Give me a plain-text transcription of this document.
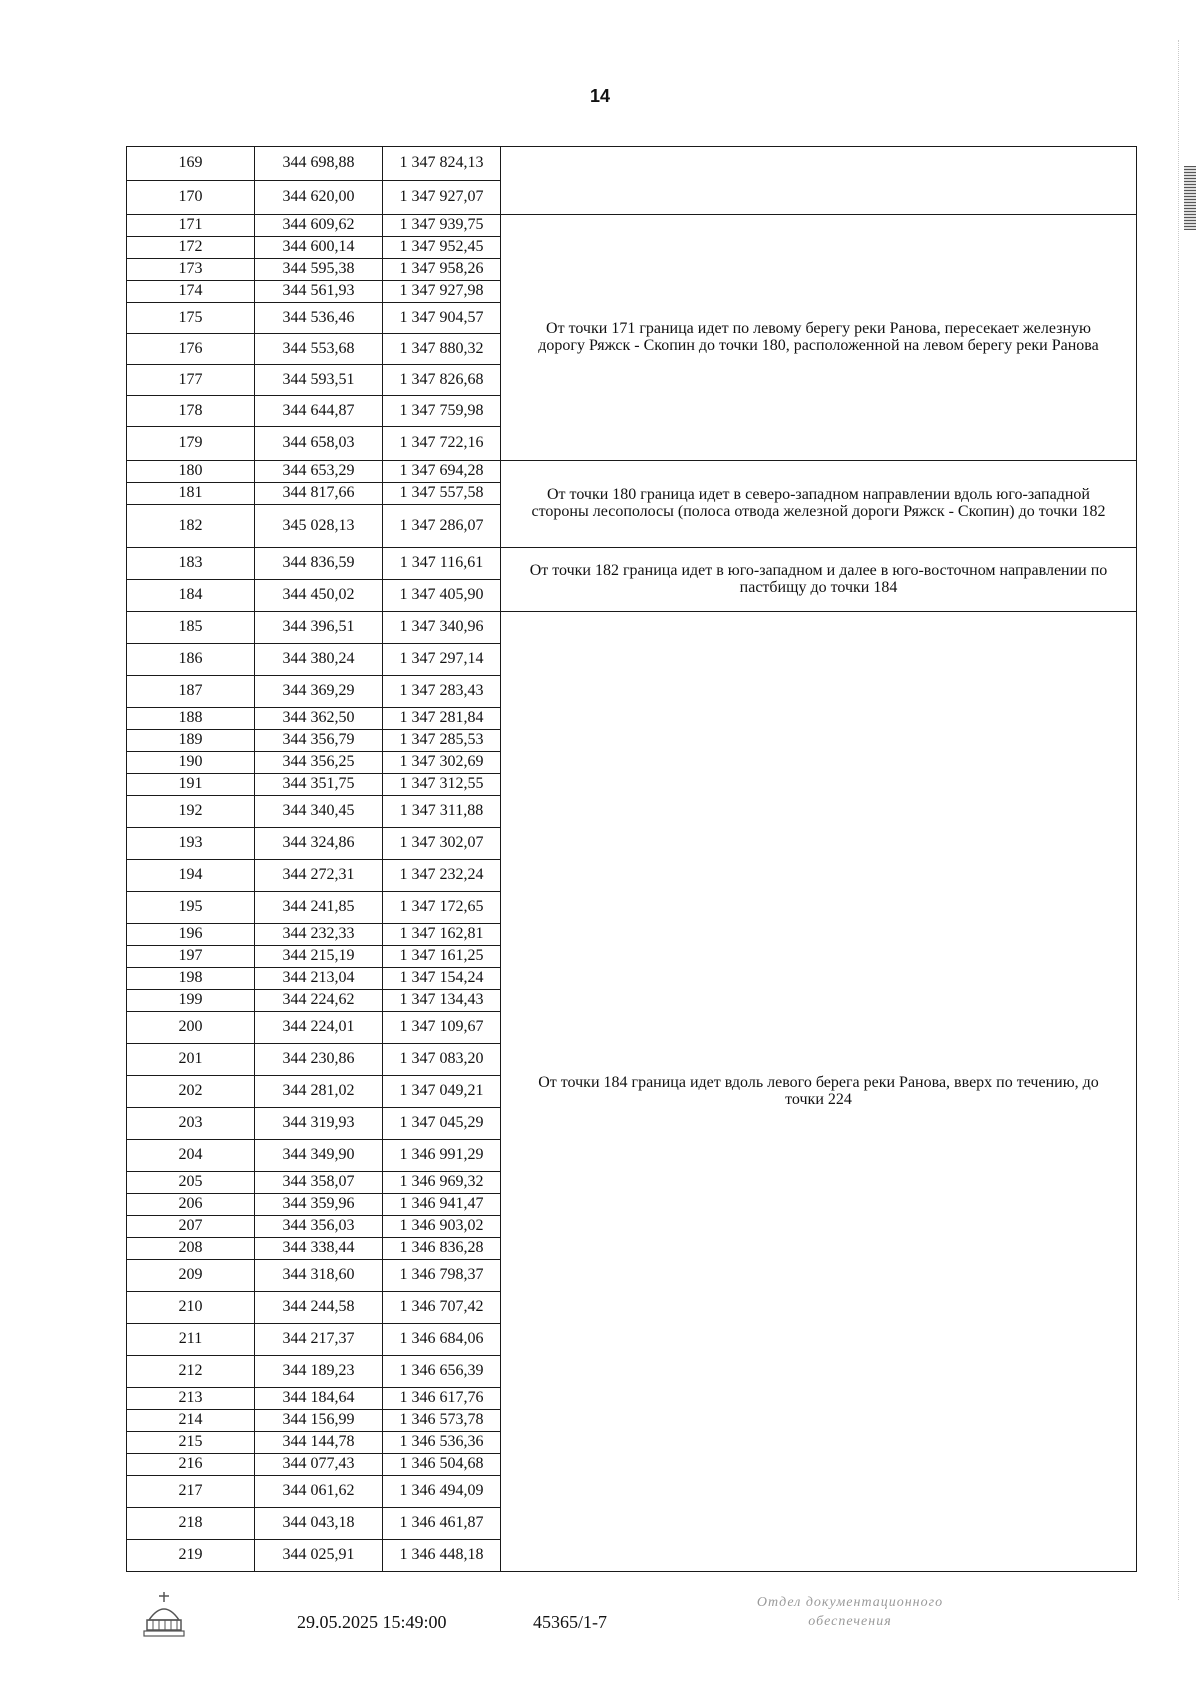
14
169	344 698,88	1 347 824,13	
170	344 620,00	1 347 927,07	
171	344 609,62	1 347 939,75	От точки 171 граница идет по левому берегу реки Ранова, пересекает железную дорогу Ряжск - Скопин до точки 180, расположенной на левом берегу реки Ранова
172	344 600,14	1 347 952,45	
173	344 595,38	1 347 958,26	
174	344 561,93	1 347 927,98	
175	344 536,46	1 347 904,57	
176	344 553,68	1 347 880,32	
177	344 593,51	1 347 826,68	
178	344 644,87	1 347 759,98	
179	344 658,03	1 347 722,16	
180	344 653,29	1 347 694,28	От точки 180 граница идет в северо-западном направлении вдоль юго-западной стороны лесополосы (полоса отвода железной дороги Ряжск - Скопин) до точки 182
181	344 817,66	1 347 557,58	
182	345 028,13	1 347 286,07	
183	344 836,59	1 347 116,61	От точки 182 граница идет в юго-западном и далее в юго-восточном направлении по пастбищу до точки 184
184	344 450,02	1 347 405,90	
185	344 396,51	1 347 340,96	От точки 184 граница идет вдоль левого берега реки Ранова, вверх по течению, до точки 224
186	344 380,24	1 347 297,14	
187	344 369,29	1 347 283,43	
188	344 362,50	1 347 281,84	
189	344 356,79	1 347 285,53	
190	344 356,25	1 347 302,69	
191	344 351,75	1 347 312,55	
192	344 340,45	1 347 311,88	
193	344 324,86	1 347 302,07	
194	344 272,31	1 347 232,24	
195	344 241,85	1 347 172,65	
196	344 232,33	1 347 162,81	
197	344 215,19	1 347 161,25	
198	344 213,04	1 347 154,24	
199	344 224,62	1 347 134,43	
200	344 224,01	1 347 109,67	
201	344 230,86	1 347 083,20	
202	344 281,02	1 347 049,21	
203	344 319,93	1 347 045,29	
204	344 349,90	1 346 991,29	
205	344 358,07	1 346 969,32	
206	344 359,96	1 346 941,47	
207	344 356,03	1 346 903,02	
208	344 338,44	1 346 836,28	
209	344 318,60	1 346 798,37	
210	344 244,58	1 346 707,42	
211	344 217,37	1 346 684,06	
212	344 189,23	1 346 656,39	
213	344 184,64	1 346 617,76	
214	344 156,99	1 346 573,78	
215	344 144,78	1 346 536,36	
216	344 077,43	1 346 504,68	
217	344 061,62	1 346 494,09	
218	344 043,18	1 346 461,87	
219	344 025,91	1 346 448,18	
29.05.2025 15:49:00	45365/1-7
Отдел документационного
обеспечения
